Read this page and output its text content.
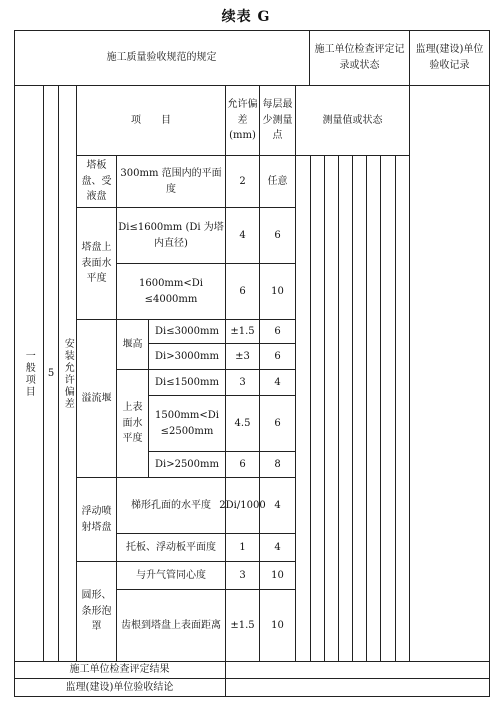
续表 G
施工质量验收规范的规定
施工单位检查评定记录或状态
监理(建设)单位验收记录
一般项目	5 安装允许偏差
项　　目
允许偏差(mm)
每层最少测量点
测量值或状态
塔板盘、受液盘
300mm 范围内的平面度
2	任意
塔盘上表面水平度
Di≤1600mm (Di 为塔内直径)
4	6
1600mm<Di ≤4000mm
6	10
溢流堰
堰高
Di≤3000mm	±1.5	6
Di>3000mm	±3	6
上表面水平度
Di≤1500mm	3	4
1500mm<Di ≤2500mm
4.5	6
Di>2500mm	6	8
浮动喷射塔盘
梯形孔面的水平度 2Di/1000 4
托板、浮动板平面度	1	4
圆形、条形泡罩
与升气管同心度	3	10
齿根到塔盘上表面距离 ±1.5	10
施工单位检查评定结果
监理(建设)单位验收结论
